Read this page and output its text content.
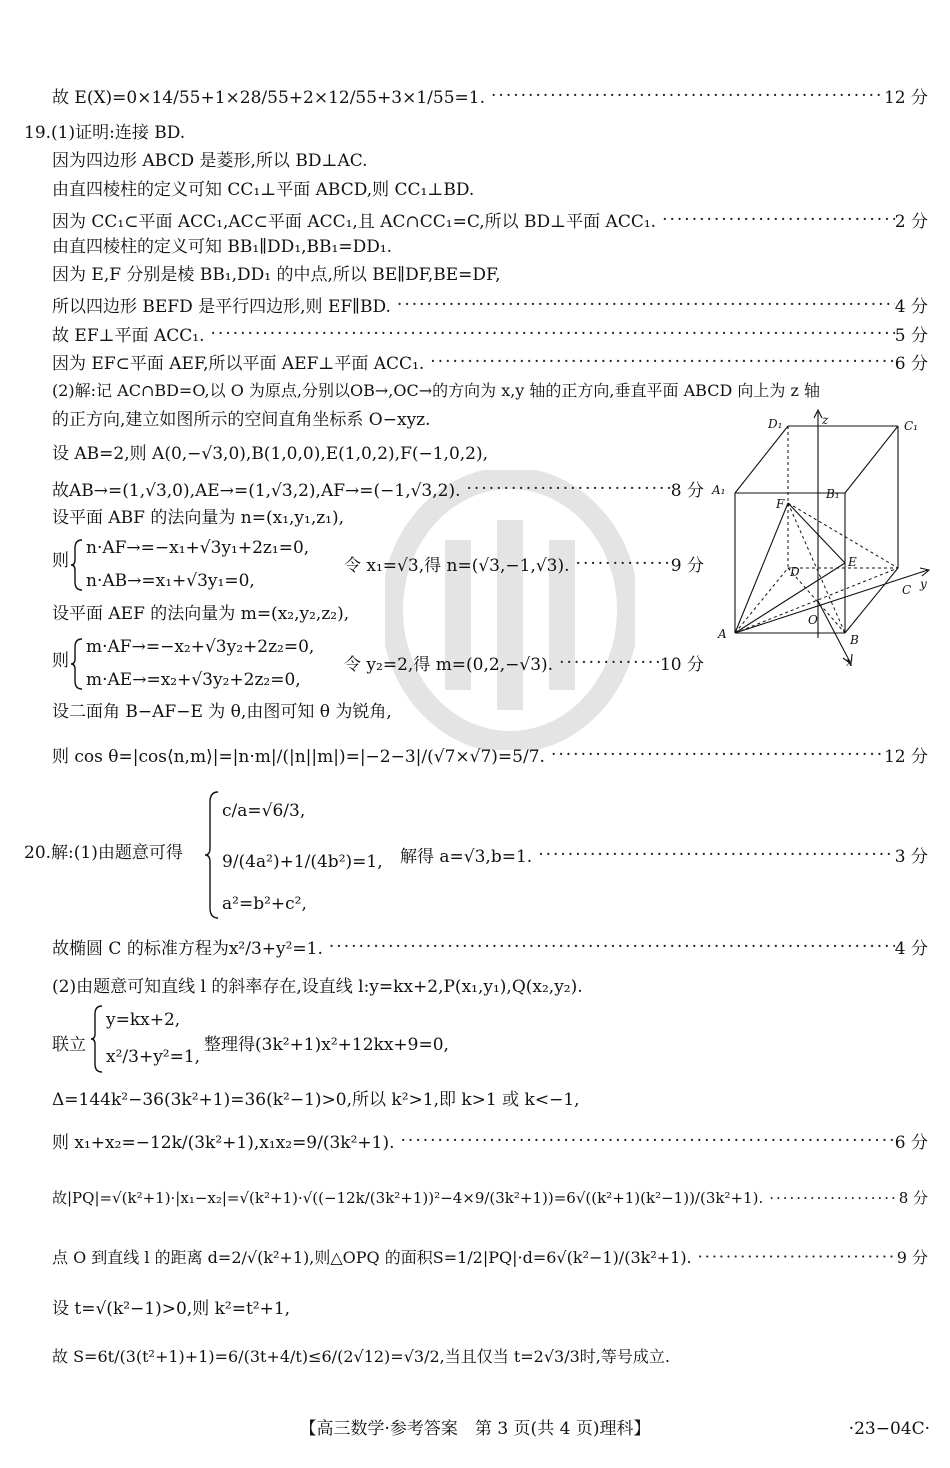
故 E(X)=0×14/55+1×28/55+2×12/55+3×1/55=1. ·····	12 分
19.(1)证明:连接 BD.
因为四边形 ABCD 是菱形,所以 BD⊥AC.
由直四棱柱的定义可知 CC₁⊥平面 ABCD,则 CC₁⊥BD.
因为 CC₁⊂平面 ACC₁,AC⊂平面 ACC₁,且 AC∩CC₁=C,所以 BD⊥平面 ACC₁. ·····	2 分
由直四棱柱的定义可知 BB₁∥DD₁,BB₁=DD₁.
因为 E,F 分别是棱 BB₁,DD₁ 的中点,所以 BE∥DF,BE=DF,
所以四边形 BEFD 是平行四边形,则 EF∥BD. ·····	4 分
故 EF⊥平面 ACC₁. ·····	5 分
因为 EF⊂平面 AEF,所以平面 AEF⊥平面 ACC₁. ·····	6 分
(2)解:记 AC∩BD=O,以 O 为原点,分别以OB→,OC→的方向为 x,y 轴的正方向,垂直平面 ABCD 向上为 z 轴
的正方向,建立如图所示的空间直角坐标系 O−xyz.
设 AB=2,则 A(0,−√3,0),B(1,0,0),E(1,0,2),F(−1,0,2),
故AB→=(1,√3,0),AE→=(1,√3,2),AF→=(−1,√3,2). ·····	8 分
设平面 ABF 的法向量为 n=(x₁,y₁,z₁),
则
n·AF→=−x₁+√3y₁+2z₁=0,
n·AB→=x₁+√3y₁=0,
令 x₁=√3,得 n=(√3,−1,√3). ·····	9 分
设平面 AEF 的法向量为 m=(x₂,y₂,z₂),
则
m·AF→=−x₂+√3y₂+2z₂=0,
m·AE→=x₂+√3y₂+2z₂=0,
令 y₂=2,得 m=(0,2,−√3). ·····	10 分
设二面角 B−AF−E 为 θ,由图可知 θ 为锐角,
则 cos θ=|cos⟨n,m⟩|=|n·m|/(|n||m|)=|−2−3|/(√7×√7)=5/7. ·····	12 分
20.解:(1)由题意可得
c/a=√6/3,
9/(4a²)+1/(4b²)=1,
a²=b²+c²,
解得 a=√3,b=1. ·····	3 分
故椭圆 C 的标准方程为x²/3+y²=1. ·····	4 分
(2)由题意可知直线 l 的斜率存在,设直线 l:y=kx+2,P(x₁,y₁),Q(x₂,y₂).
联立
y=kx+2,
x²/3+y²=1,
整理得(3k²+1)x²+12kx+9=0,
Δ=144k²−36(3k²+1)=36(k²−1)>0,所以 k²>1,即 k>1 或 k<−1,
则 x₁+x₂=−12k/(3k²+1),x₁x₂=9/(3k²+1). ·····	6 分
故|PQ|=√(k²+1)·|x₁−x₂|=√(k²+1)·√((−12k/(3k²+1))²−4×9/(3k²+1))=6√((k²+1)(k²−1))/(3k²+1). ·····	8 分
点 O 到直线 l 的距离 d=2/√(k²+1),则△OPQ 的面积S=1/2|PQ|·d=6√(k²−1)/(3k²+1). ·····	9 分
设 t=√(k²−1)>0,则 k²=t²+1,
故 S=6t/(3(t²+1)+1)=6/(3t+4/t)≤6/(2√12)=√3/2,当且仅当 t=2√3/3时,等号成立.
D₁	z	C₁
A₁	B₁
F
E
D
y
C
O
A	B
x
【高三数学·参考答案　第 3 页(共 4 页)理科】	·23−04C·
